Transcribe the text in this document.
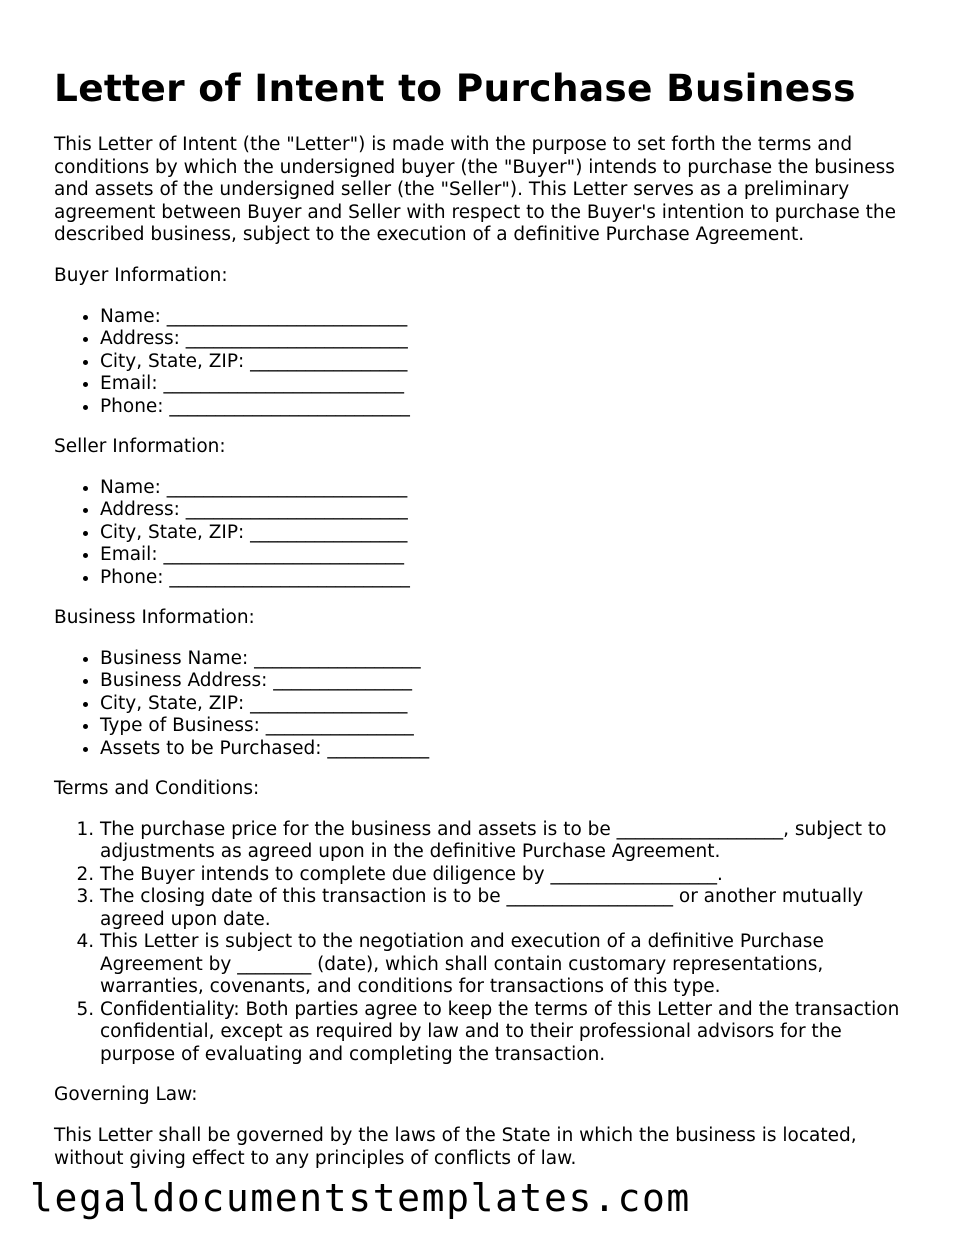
Letter of Intent to Purchase Business

This Letter of Intent (the "Letter") is made with the purpose to set forth the terms and conditions by which the undersigned buyer (the "Buyer") intends to purchase the business and assets of the undersigned seller (the "Seller"). This Letter serves as a preliminary agreement between Buyer and Seller with respect to the Buyer's intention to purchase the described business, subject to the execution of a definitive Purchase Agreement.

Buyer Information:

• Name: __________________________
• Address: ________________________
• City, State, ZIP: _________________
• Email: __________________________
• Phone: __________________________

Seller Information:

• Name: __________________________
• Address: ________________________
• City, State, ZIP: _________________
• Email: __________________________
• Phone: __________________________

Business Information:

• Business Name: __________________
• Business Address: _______________
• City, State, ZIP: _________________
• Type of Business: ________________
• Assets to be Purchased: ___________

Terms and Conditions:

1. The purchase price for the business and assets is to be __________________, subject to adjustments as agreed upon in the definitive Purchase Agreement.
2. The Buyer intends to complete due diligence by __________________.
3. The closing date of this transaction is to be __________________ or another mutually agreed upon date.
4. This Letter is subject to the negotiation and execution of a definitive Purchase Agreement by ________ (date), which shall contain customary representations, warranties, covenants, and conditions for transactions of this type.
5. Confidentiality: Both parties agree to keep the terms of this Letter and the transaction confidential, except as required by law and to their professional advisors for the purpose of evaluating and completing the transaction.

Governing Law:

This Letter shall be governed by the laws of the State in which the business is located, without giving effect to any principles of conflicts of law.

legaldocumentstemplates.com
